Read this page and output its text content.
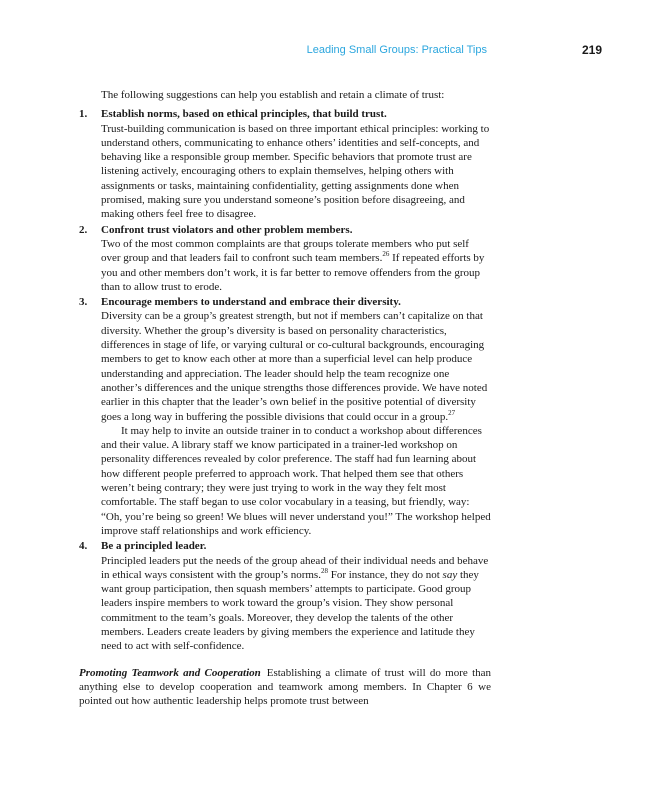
Leading Small Groups: Practical Tips	219

The following suggestions can help you establish and retain a climate of trust:

1. Establish norms, based on ethical principles, that build trust.

Trust-building communication is based on three important ethical principles: working to understand others, communicating to enhance others’ identities and self-concepts, and behaving like a responsible group member. Specific behaviors that promote trust are listening actively, encouraging others to explain themselves, helping others with assignments or tasks, maintaining confidentiality, getting assignments done when promised, making sure you understand someone’s position before disagreeing, and making others feel free to disagree.

2. Confront trust violators and other problem members.

Two of the most common complaints are that groups tolerate members who put self over group and that leaders fail to confront such team members.$^{26}$ If repeated efforts by you and other members don’t work, it is far better to remove offenders from the group than to allow trust to erode.

3. Encourage members to understand and embrace their diversity.

Diversity can be a group’s greatest strength, but not if members can’t capitalize on that diversity. Whether the group’s diversity is based on personality characteristics, differences in stage of life, or varying cultural or co-cultural backgrounds, encouraging members to get to know each other at more than a superficial level can help produce understanding and appreciation. The leader should help the team recognize one another’s differences and the unique strengths those differences provide. We have noted earlier in this chapter that the leader’s own belief in the positive potential of diversity goes a long way in buffering the possible divisions that could occur in a group.$^{27}$

It may help to invite an outside trainer in to conduct a workshop about differences and their value. A library staff we know participated in a trainer-led workshop on personality differences revealed by color preference. The staff had fun learning about how different people preferred to approach work. That helped them see that others weren’t being contrary; they were just trying to work in the way they felt most comfortable. The staff began to use color vocabulary in a teasing, but friendly, way: “Oh, you’re being so green! We blues will never understand you!” The workshop helped improve staff relationships and work efficiency.

4. Be a principled leader.

Principled leaders put the needs of the group ahead of their individual needs and behave in ethical ways consistent with the group’s norms.$^{28}$ For instance, they do not say they want group participation, then squash members’ attempts to participate. Good group leaders inspire members to work toward the group’s vision. They show personal commitment to the team’s goals. Moreover, they develop the talents of the other members. Leaders create leaders by giving members the experience and latitude they need to act with self-confidence.

Promoting Teamwork and Cooperation Establishing a climate of trust will do more than anything else to develop cooperation and teamwork among members. In Chapter 6 we pointed out how authentic leadership helps promote trust between
